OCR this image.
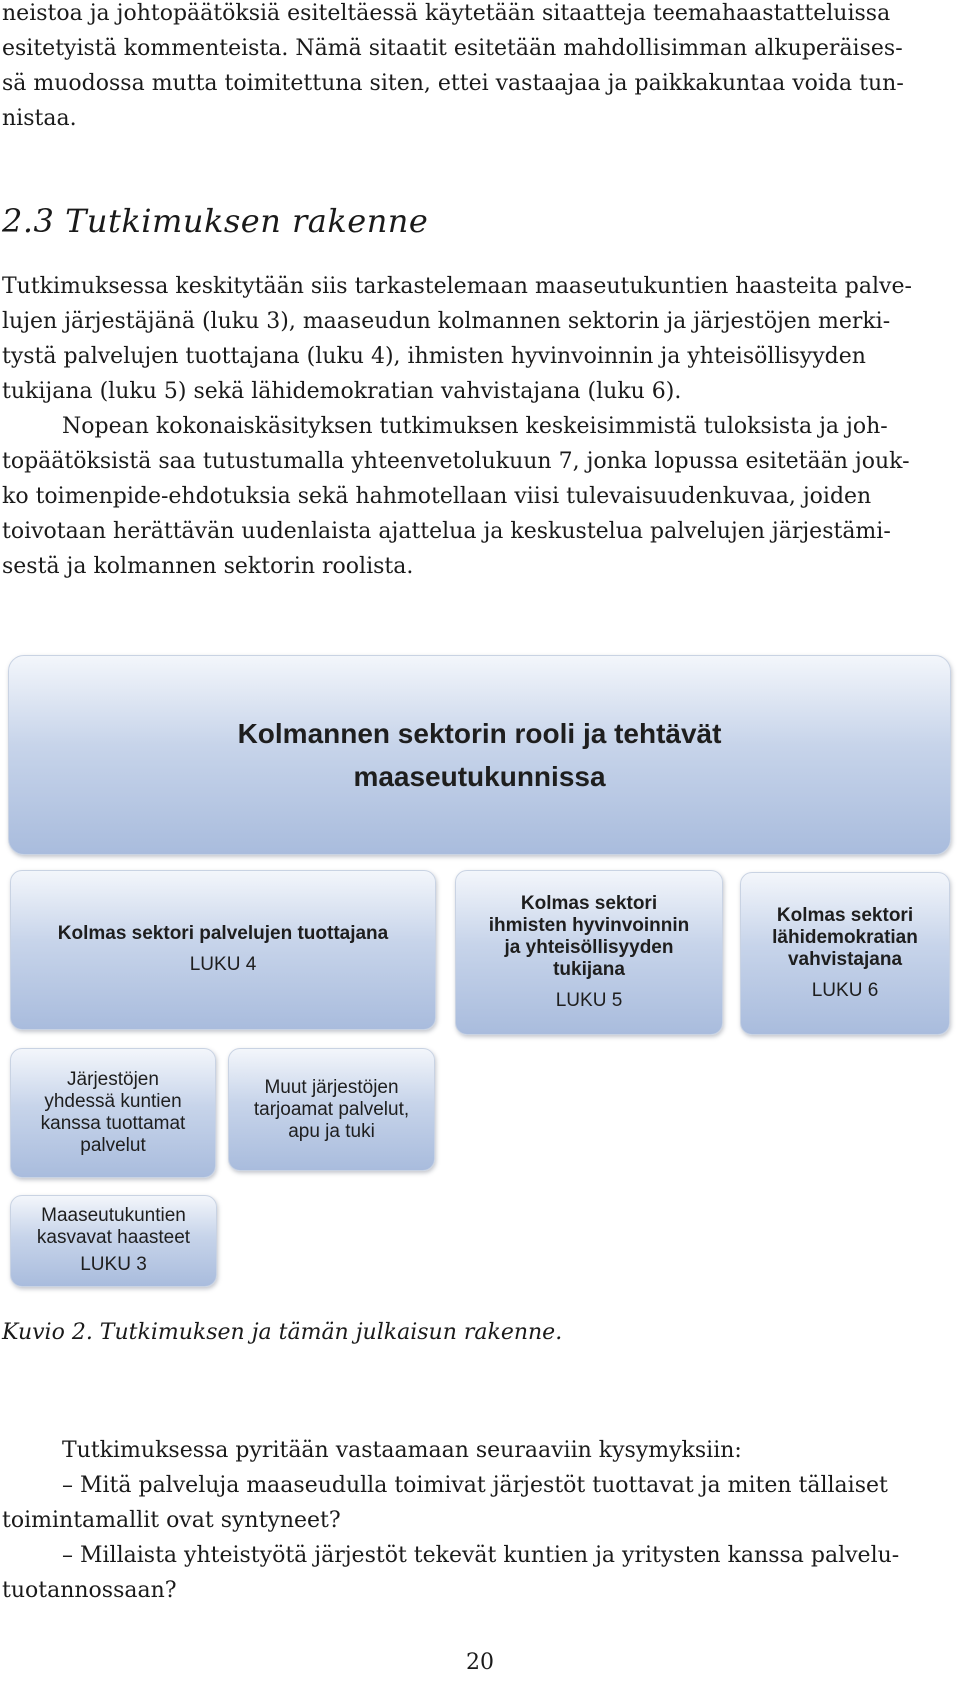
neistoa ja johtopäätöksiä esiteltäessä käytetään sitaatteja teemahaastatteluissa

esitetyistä kommenteista. Nämä sitaatit esitetään mahdollisimman alkuperäises-

sä muodossa mutta toimitettuna siten, ettei vastaajaa ja paikkakuntaa voida tun-

nistaa.

2.3 Tutkimuksen rakenne

Tutkimuksessa keskitytään siis tarkastelemaan maaseutukuntien haasteita palve-

lujen järjestäjänä (luku 3), maaseudun kolmannen sektorin ja järjestöjen merki-

tystä palvelujen tuottajana (luku 4), ihmisten hyvinvoinnin ja yhteisöllisyyden

tukijana (luku 5) sekä lähidemokratian vahvistajana (luku 6).

Nopean kokonaiskäsityksen tutkimuksen keskeisimmistä tuloksista ja joh-

topäätöksistä saa tutustumalla yhteenvetolukuun 7, jonka lopussa esitetään jouk-

ko toimenpide-ehdotuksia sekä hahmotellaan viisi tulevaisuudenkuvaa, joiden

toivotaan herättävän uudenlaista ajattelua ja keskustelua palvelujen järjestämi-

sestä ja kolmannen sektorin roolista.

Kolmannen sektorin rooli ja tehtävät
maaseutukunnissa
Kolmas sektori palvelujen tuottajana
LUKU 4
Kolmas sektori
ihmisten hyvinvoinnin
ja yhteisöllisyyden
tukijana
LUKU 5
Kolmas sektori
lähidemokratian
vahvistajana
LUKU 6
Järjestöjen
yhdessä kuntien
kanssa tuottamat
palvelut
Muut järjestöjen
tarjoamat palvelut,
apu ja tuki
Maaseutukuntien
kasvavat haasteet
LUKU 3
Kuvio 2. Tutkimuksen ja tämän julkaisun rakenne.

Tutkimuksessa pyritään vastaamaan seuraaviin kysymyksiin:

– Mitä palveluja maaseudulla toimivat järjestöt tuottavat ja miten tällaiset

toimintamallit ovat syntyneet?

– Millaista yhteistyötä järjestöt tekevät kuntien ja yritysten kanssa palvelu-

tuotannossaan?

20
